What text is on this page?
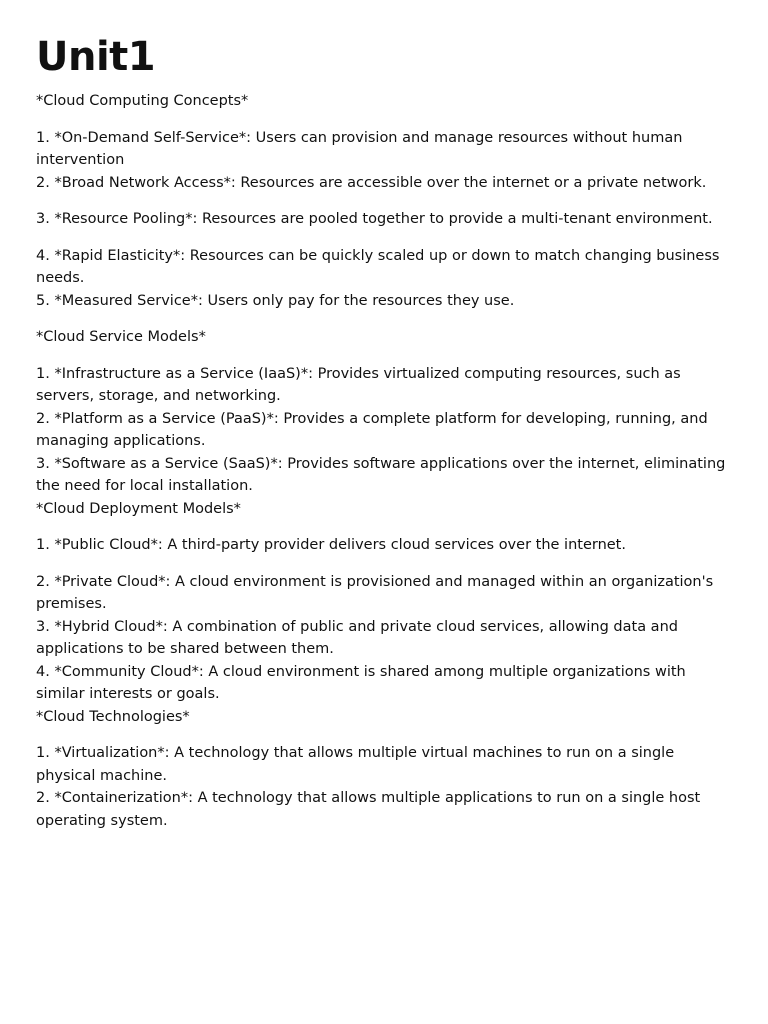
Unit1

*Cloud Computing Concepts*

1. *On-Demand Self-Service*: Users can provision and manage resources without human intervention
2. *Broad Network Access*: Resources are accessible over the internet or a private network.

3. *Resource Pooling*: Resources are pooled together to provide a multi-tenant environment.

4. *Rapid Elasticity*: Resources can be quickly scaled up or down to match changing business needs.
5. *Measured Service*: Users only pay for the resources they use.

*Cloud Service Models*

1. *Infrastructure as a Service (IaaS)*: Provides virtualized computing resources, such as servers, storage, and networking.
2. *Platform as a Service (PaaS)*: Provides a complete platform for developing, running, and managing applications.
3. *Software as a Service (SaaS)*: Provides software applications over the internet, eliminating the need for local installation.
*Cloud Deployment Models*

1. *Public Cloud*: A third-party provider delivers cloud services over the internet.

2. *Private Cloud*: A cloud environment is provisioned and managed within an organization's premises.
3. *Hybrid Cloud*: A combination of public and private cloud services, allowing data and applications to be shared between them.
4. *Community Cloud*: A cloud environment is shared among multiple organizations with similar interests or goals.
*Cloud Technologies*

1. *Virtualization*: A technology that allows multiple virtual machines to run on a single physical machine.
2. *Containerization*: A technology that allows multiple applications to run on a single host operating system.
